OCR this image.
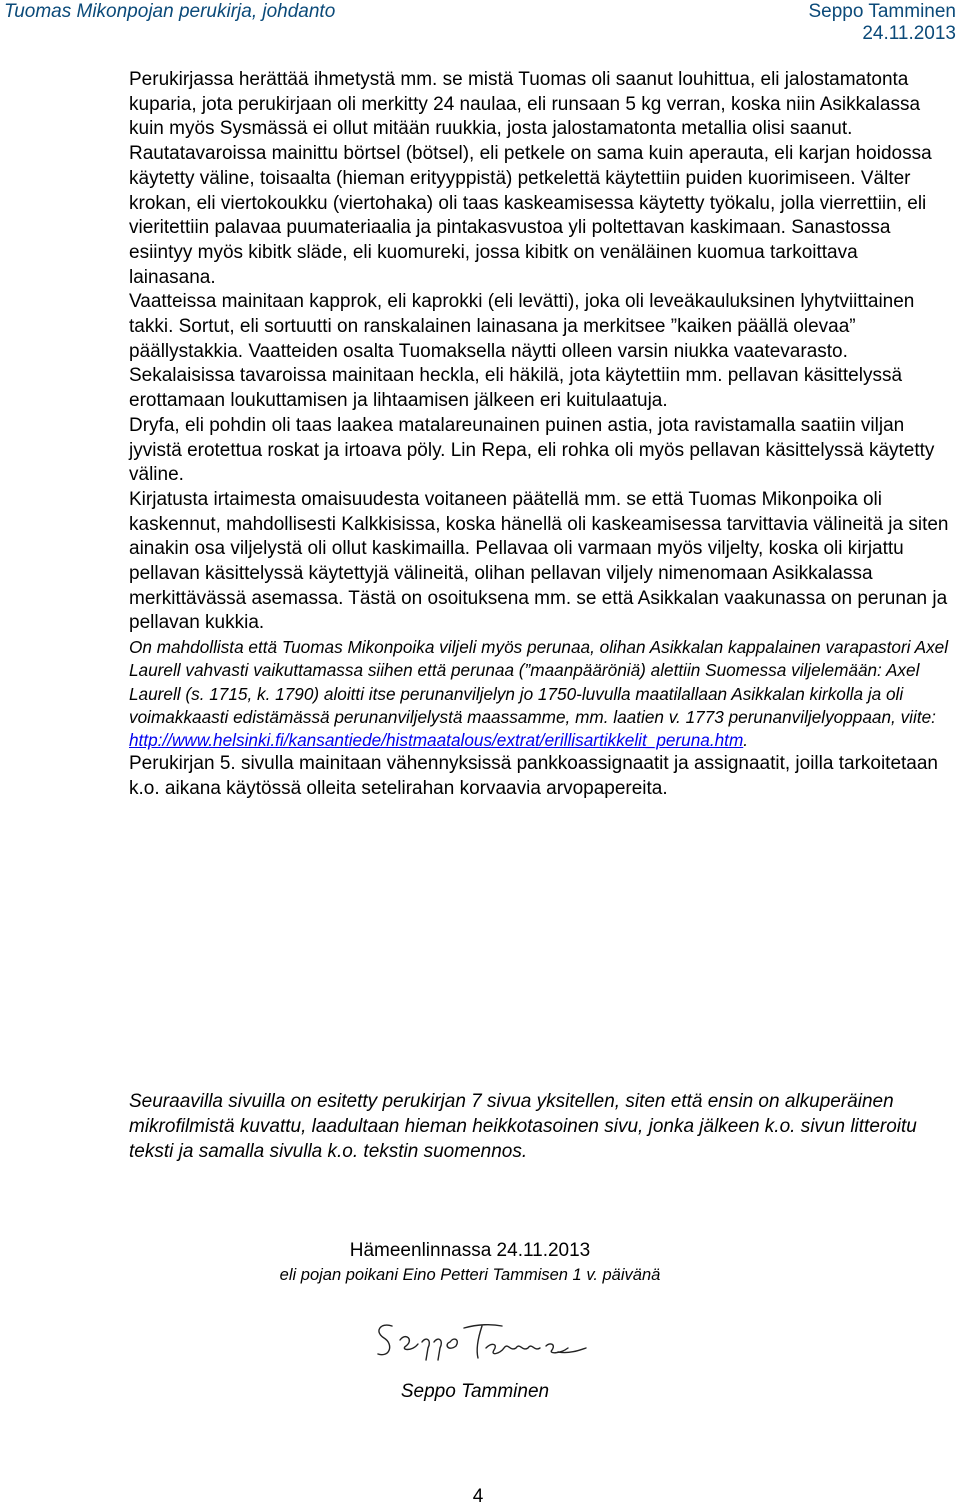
Tuomas Mikonpojan perukirja, johdanto	Seppo Tamminen
24.11.2013

Perukirjassa herättää ihmetystä mm. se mistä Tuomas oli saanut louhittua, eli jalostamatonta kuparia, jota perukirjaan oli merkitty 24 naulaa, eli runsaan 5 kg verran, koska niin Asikkalassa kuin myös Sysmässä ei ollut mitään ruukkia, josta jalostamatonta metallia olisi saanut.

Rautatavaroissa mainittu börtsel (bötsel), eli petkele on sama kuin aperauta, eli karjan hoidossa käytetty väline, toisaalta (hieman erityyppistä) petkelettä käytettiin puiden kuorimiseen. Välter krokan, eli viertokoukku (viertohaka) oli taas kaskeamisessa käytetty työkalu, jolla vierrettiin, eli vieritettiin palavaa puumateriaalia ja pintakasvustoa yli poltettavan kaskimaan. Sanastossa esiintyy myös kibitk släde, eli kuomureki, jossa kibitk on venäläinen kuomua tarkoittava lainasana.

Vaatteissa mainitaan kapprok, eli kaprokki (eli levätti), joka oli leveäkauluksinen lyhytviittainen takki. Sortut, eli sortuutti on ranskalainen lainasana ja merkitsee ”kaiken päällä olevaa” päällystakkia. Vaatteiden osalta Tuomaksella näytti olleen varsin niukka vaatevarasto.

Sekalaisissa tavaroissa mainitaan heckla, eli häkilä, jota käytettiin mm. pellavan käsittelyssä erottamaan loukuttamisen ja lihtaamisen jälkeen eri kuitulaatuja.

Dryfa, eli pohdin oli taas laakea matalareunainen puinen astia, jota ravistamalla saatiin viljan jyvistä erotettua roskat ja irtoava pöly. Lin Repa, eli rohka oli myös pellavan käsittelyssä käytetty väline.

Kirjatusta irtaimesta omaisuudesta voitaneen päätellä mm. se että Tuomas Mikonpoika oli kaskennut, mahdollisesti Kalkkisissa, koska hänellä oli kaskeamisessa tarvittavia välineitä ja siten ainakin osa viljelystä oli ollut kaskimailla. Pellavaa oli varmaan myös viljelty, koska oli kirjattu pellavan käsittelyssä käytettyjä välineitä, olihan pellavan viljely nimenomaan Asikkalassa merkittävässä asemassa. Tästä on osoituksena mm. se että Asikkalan vaakunassa on perunan ja pellavan kukkia.

On mahdollista että Tuomas Mikonpoika viljeli myös perunaa, olihan Asikkalan kappalainen varapastori Axel Laurell vahvasti vaikuttamassa siihen että perunaa (”maanpääröniä) alettiin Suomessa viljelemään: Axel Laurell (s. 1715, k. 1790) aloitti itse perunanviljelyn jo 1750-luvulla maatilallaan Asikkalan kirkolla ja oli voimakkaasti edistämässä perunanviljelystä maassamme, mm. laatien v. 1773 perunanviljelyoppaan, viite: http://www.helsinki.fi/kansantiede/histmaatalous/extrat/erillisartikkelit_peruna.htm.

Perukirjan 5. sivulla mainitaan vähennyksissä pankkoassignaatit ja assignaatit, joilla tarkoitetaan k.o. aikana käytössä olleita setelirahan korvaavia arvopapereita.

Seuraavilla sivuilla on esitetty perukirjan 7 sivua yksitellen, siten että ensin on alkuperäinen mikrofilmistä kuvattu, laadultaan hieman heikkotasoinen sivu, jonka jälkeen k.o. sivun litteroitu teksti ja samalla sivulla k.o. tekstin suomennos.

Hämeenlinnassa 24.11.2013
eli pojan poikani Eino Petteri Tammisen 1 v. päivänä
Seppo Tamminen
4
